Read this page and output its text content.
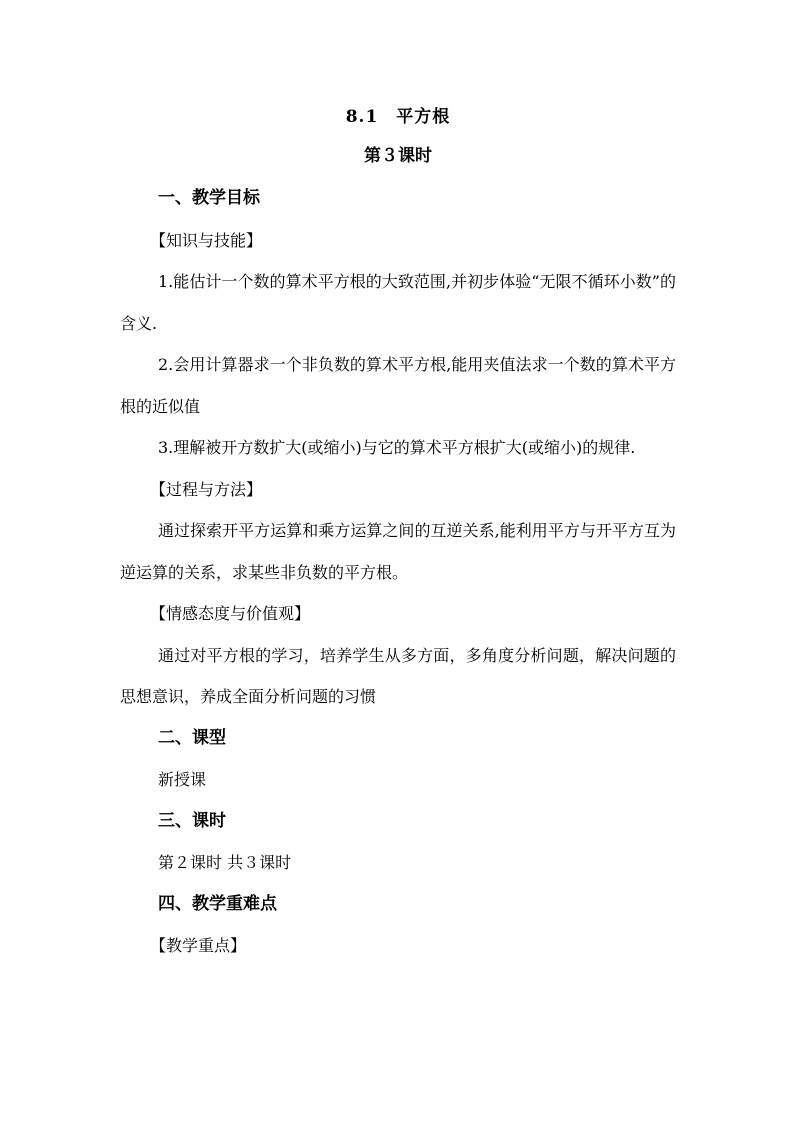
8.1　平方根
第３课时
一、教学目标
【知识与技能】
1.能估计一个数的算术平方根的大致范围,并初步体验“无限不循环小数”的含义.
2.会用计算器求一个非负数的算术平方根,能用夹值法求一个数的算术平方根的近似值
3.理解被开方数扩大(或缩小)与它的算术平方根扩大(或缩小)的规律.
【过程与方法】
通过探索开平方运算和乘方运算之间的互逆关系,能利用平方与开平方互为逆运算的关系，求某些非负数的平方根。
【情感态度与价值观】
通过对平方根的学习，培养学生从多方面，多角度分析问题，解决问题的思想意识，养成全面分析问题的习惯
二、课型
新授课
三、课时
第２课时 共３课时
四、教学重难点
【教学重点】
